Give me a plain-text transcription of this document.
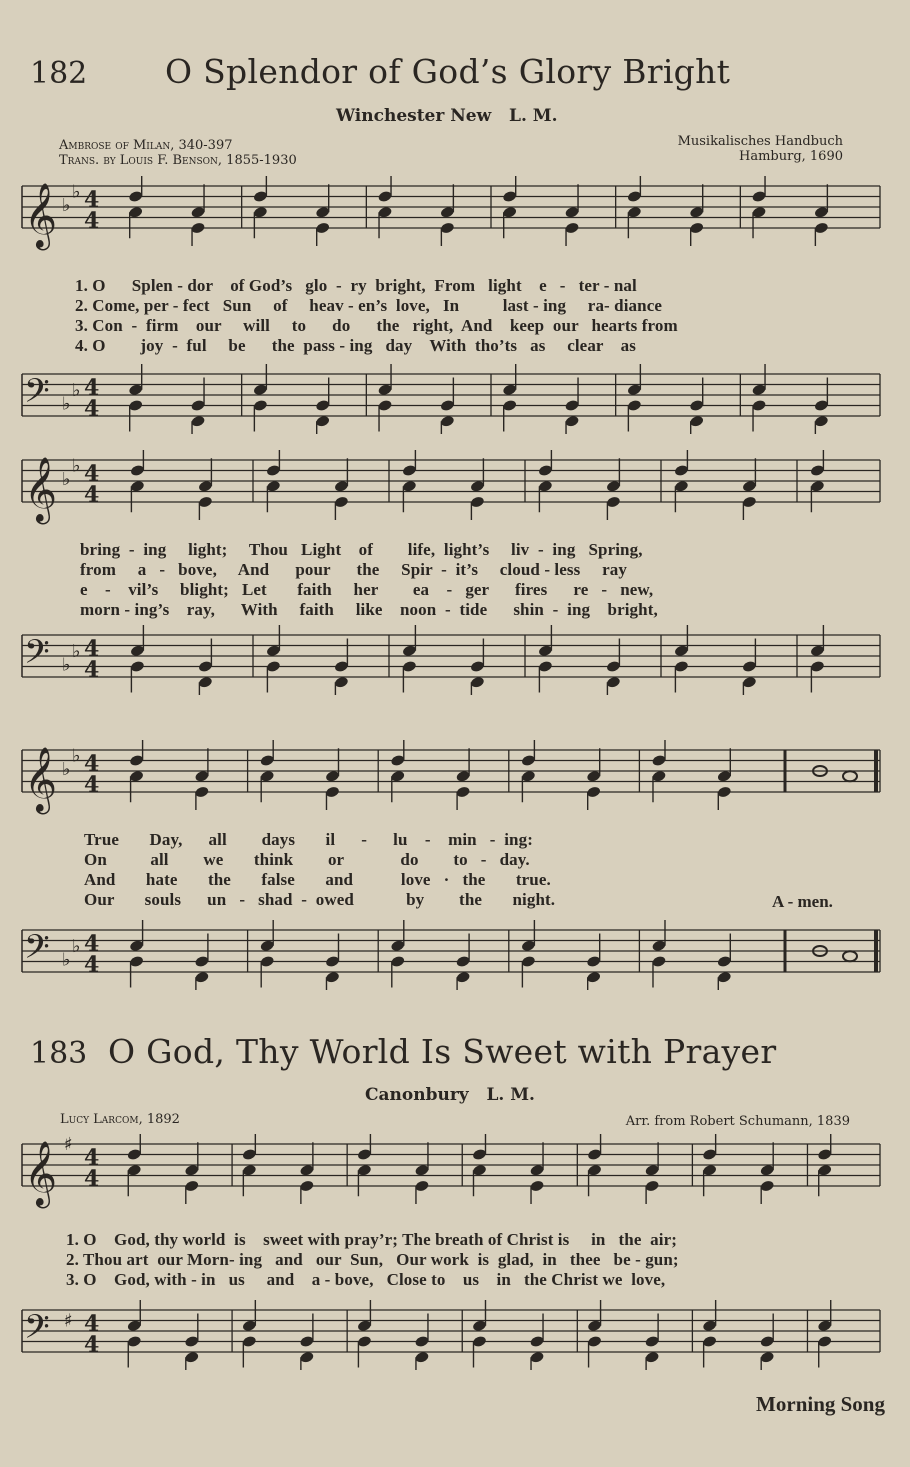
182 O Splendor of God’s Glory Bright
Winchester New   L. M.
Ambrose of Milan, 340-397
Trans. by Louis F. Benson, 1855-1930
Musikalisches Handbuch
Hamburg, 1690
𝄞 ♭
♭ 4
4
1. O      Splen - dor    of God’s   glo  -  ry  bright,  From   light    e   -   ter - nal
2. Come, per - fect   Sun     of     heav - en’s  love,   In          last - ing     ra- diance
3. Con  -  firm    our     will     to      do      the   right,  And    keep  our   hearts from
4. O        joy  -  ful     be      the  pass - ing   day    With  tho’ts   as     clear    as
𝄢 ♭
♭ 4
4
𝄞 ♭
♭ 4
4
bring  -  ing     light;     Thou   Light    of        life,  light’s     liv  -  ing   Spring,
from     a   -   bove,     And      pour      the     Spir  -  it’s     cloud - less     ray
e    -    vil’s     blight;   Let       faith     her        ea    -   ger      fires      re   -   new,
morn - ing’s    ray,      With     faith     like    noon  -  tide      shin  -  ing    bright,
𝄢 ♭
♭ 4
4
𝄞 ♭
♭ 4
4
True       Day,      all        days       il      -      lu    -    min   -  ing:
On          all        we       think        or             do        to   -   day.
And       hate       the       false       and           love   ·   the       true.
Our       souls      un   -   shad  -  owed            by        the       night.	A - men.
𝄢 ♭
♭ 4
4
183 O God, Thy World Is Sweet with Prayer
Canonbury   L. M.
Lucy Larcom, 1892	Arr. from Robert Schumann, 1839
𝄞 ♯
4
4
1. O    God, thy world  is    sweet with pray’r; The breath of Christ is     in   the  air;
2. Thou art  our Morn- ing   and   our  Sun,   Our work  is  glad,  in   thee   be - gun;
3. O    God, with - in   us     and    a - bove,   Close to    us    in   the Christ we  love,
𝄢 ♯ 4
4
Morning Song
